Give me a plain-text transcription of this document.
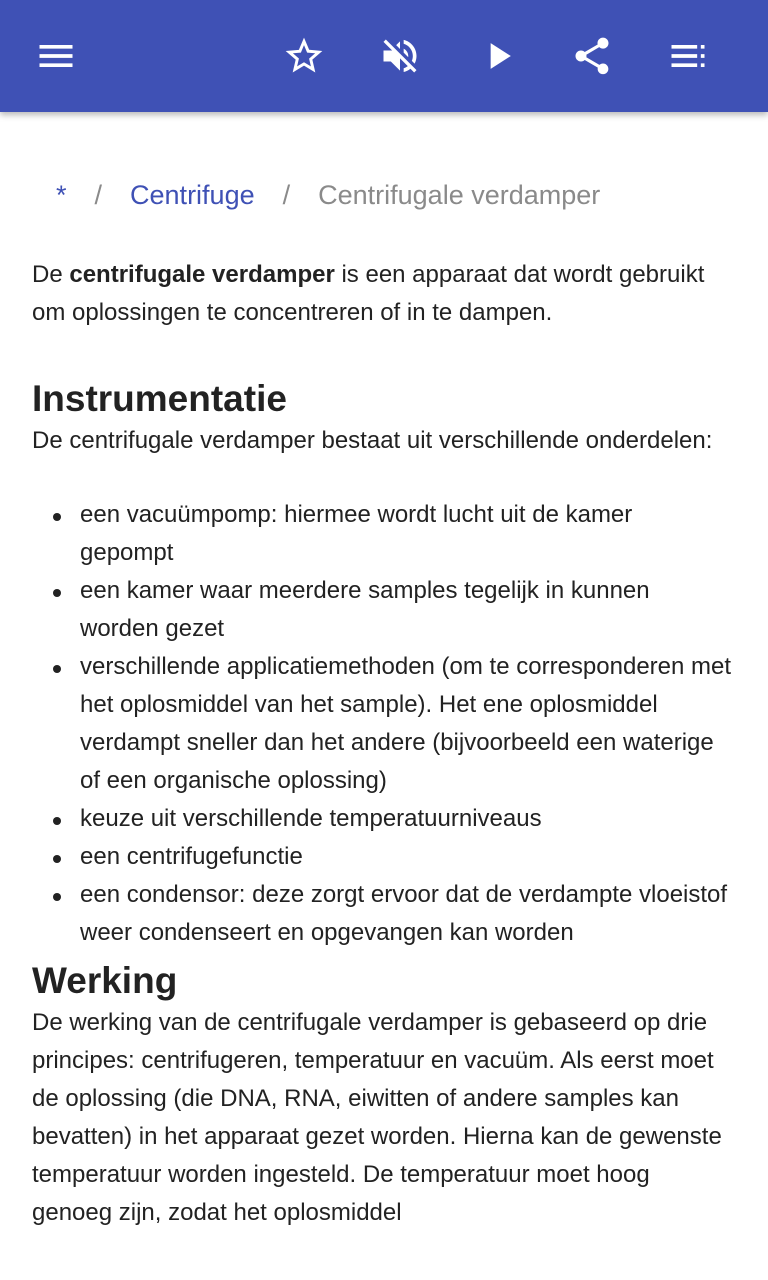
* / Centrifuge / Centrifugale verdamper

De centrifugale verdamper is een apparaat dat wordt gebruikt om oplossingen te concentreren of in te dampen.

Instrumentatie

De centrifugale verdamper bestaat uit verschillende onderdelen:

een vacuümpomp: hiermee wordt lucht uit de kamer gepompt
een kamer waar meerdere samples tegelijk in kunnen worden gezet
verschillende applicatiemethoden (om te corresponderen met het oplosmiddel van het sample). Het ene oplosmiddel verdampt sneller dan het andere (bijvoorbeeld een waterige of een organische oplossing)
keuze uit verschillende temperatuurniveaus
een centrifugefunctie
een condensor: deze zorgt ervoor dat de verdampte vloeistof weer condenseert en opgevangen kan worden
Werking

De werking van de centrifugale verdamper is gebaseerd op drie principes: centrifugeren, temperatuur en vacuüm. Als eerst moet de oplossing (die DNA, RNA, eiwitten of andere samples kan bevatten) in het apparaat gezet worden. Hierna kan de gewenste temperatuur worden ingesteld. De temperatuur moet hoog genoeg zijn, zodat het oplosmiddel
